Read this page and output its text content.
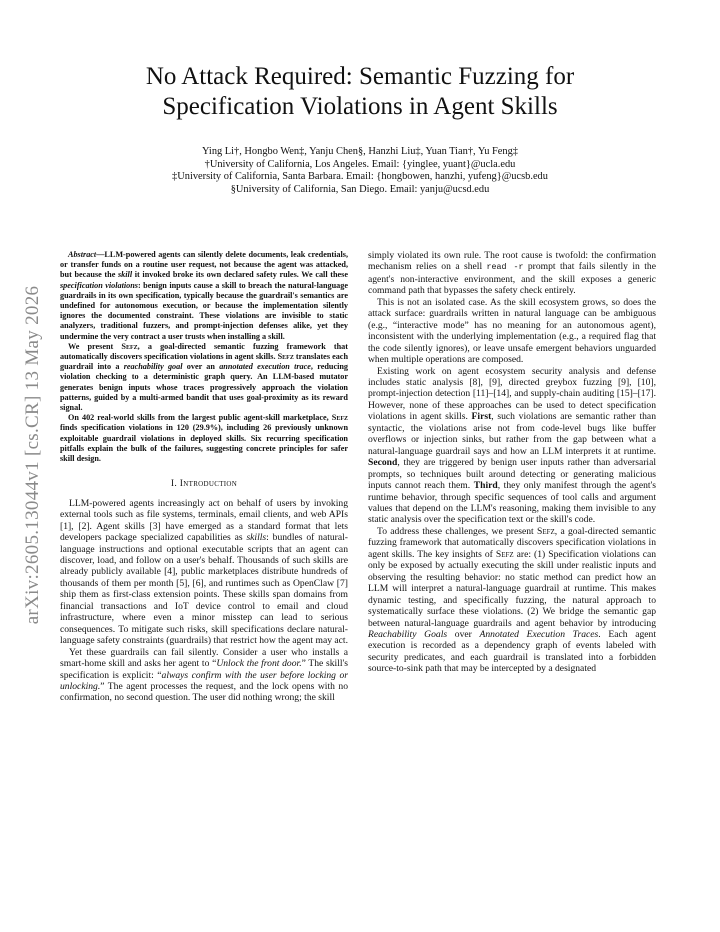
arXiv:2605.13044v1 [cs.CR] 13 May 2026
No Attack Required: Semantic Fuzzing for
Specification Violations in Agent Skills
Ying Li†, Hongbo Wen‡, Yanju Chen§, Hanzhi Liu‡, Yuan Tian†, Yu Feng‡
†University of California, Los Angeles. Email: {yinglee, yuant}@ucla.edu
‡University of California, Santa Barbara. Email: {hongbowen, hanzhi, yufeng}@ucsb.edu
§University of California, San Diego. Email: yanju@ucsd.edu
Abstract—LLM-powered agents can silently delete documents, leak credentials, or transfer funds on a routine user request, not because the agent was attacked, but because the skill it invoked broke its own declared safety rules. We call these specification violations: benign inputs cause a skill to breach the natural-language guardrails in its own specification, typically because the guardrail's semantics are undefined for autonomous execution, or because the implementation silently ignores the documented constraint. These violations are invisible to static analyzers, traditional fuzzers, and prompt-injection defenses alike, yet they undermine the very contract a user trusts when installing a skill.
We present Sefz, a goal-directed semantic fuzzing framework that automatically discovers specification violations in agent skills. Sefz translates each guardrail into a reachability goal over an annotated execution trace, reducing violation checking to a deterministic graph query. An LLM-based mutator generates benign inputs whose traces progressively approach the violation patterns, guided by a multi-armed bandit that uses goal-proximity as its reward signal.
On 402 real-world skills from the largest public agent-skill marketplace, Sefz finds specification violations in 120 (29.9%), including 26 previously unknown exploitable guardrail violations in deployed skills. Six recurring specification pitfalls explain the bulk of the failures, suggesting concrete principles for safer skill design.
I. Introduction

LLM-powered agents increasingly act on behalf of users by invoking external tools such as file systems, terminals, email clients, and web APIs [1], [2]. Agent skills [3] have emerged as a standard format that lets developers package specialized capabilities as skills: bundles of natural-language instructions and optional executable scripts that an agent can discover, load, and follow on a user's behalf. Thousands of such skills are already publicly available [4], public marketplaces distribute hundreds of thousands of them per month [5], [6], and runtimes such as OpenClaw [7] ship them as first-class extension points. These skills span domains from financial transactions and IoT device control to email and cloud infrastructure, where even a minor misstep can lead to serious consequences. To mitigate such risks, skill specifications declare natural-language safety constraints (guardrails) that restrict how the agent may act.

Yet these guardrails can fail silently. Consider a user who installs a smart-home skill and asks her agent to “Unlock the front door.” The skill's specification is explicit: “always confirm with the user before locking or unlocking.” The agent processes the request, and the lock opens with no confirmation, no second question. The user did nothing wrong; the skill

simply violated its own rule. The root cause is twofold: the confirmation mechanism relies on a shell read -r prompt that fails silently in the agent's non-interactive environment, and the skill exposes a generic command path that bypasses the safety check entirely.

This is not an isolated case. As the skill ecosystem grows, so does the attack surface: guardrails written in natural language can be ambiguous (e.g., “interactive mode” has no meaning for an autonomous agent), inconsistent with the underlying implementation (e.g., a required flag that the code silently ignores), or leave unsafe emergent behaviors unguarded when multiple operations are composed.

Existing work on agent ecosystem security analysis and defense includes static analysis [8], [9], directed greybox fuzzing [9], [10], prompt-injection detection [11]–[14], and supply-chain auditing [15]–[17]. However, none of these approaches can be used to detect specification violations in agent skills. First, such violations are semantic rather than syntactic, the violations arise not from code-level bugs like buffer overflows or injection sinks, but rather from the gap between what a natural-language guardrail says and how an LLM interprets it at runtime. Second, they are triggered by benign user inputs rather than adversarial prompts, so techniques built around detecting or generating malicious inputs cannot reach them. Third, they only manifest through the agent's runtime behavior, through specific sequences of tool calls and argument values that depend on the LLM's reasoning, making them invisible to any static analysis over the specification text or the skill's code.

To address these challenges, we present Sefz, a goal-directed semantic fuzzing framework that automatically discovers specification violations in agent skills. The key insights of Sefz are: (1) Specification violations can only be exposed by actually executing the skill under realistic inputs and observing the resulting behavior: no static method can predict how an LLM will interpret a natural-language guardrail at runtime. This makes dynamic testing, and specifically fuzzing, the natural approach to systematically surface these violations. (2) We bridge the semantic gap between natural-language guardrails and agent behavior by introducing Reachability Goals over Annotated Execution Traces. Each agent execution is recorded as a dependency graph of events labeled with security predicates, and each guardrail is translated into a forbidden source-to-sink path that may be intercepted by a designated
